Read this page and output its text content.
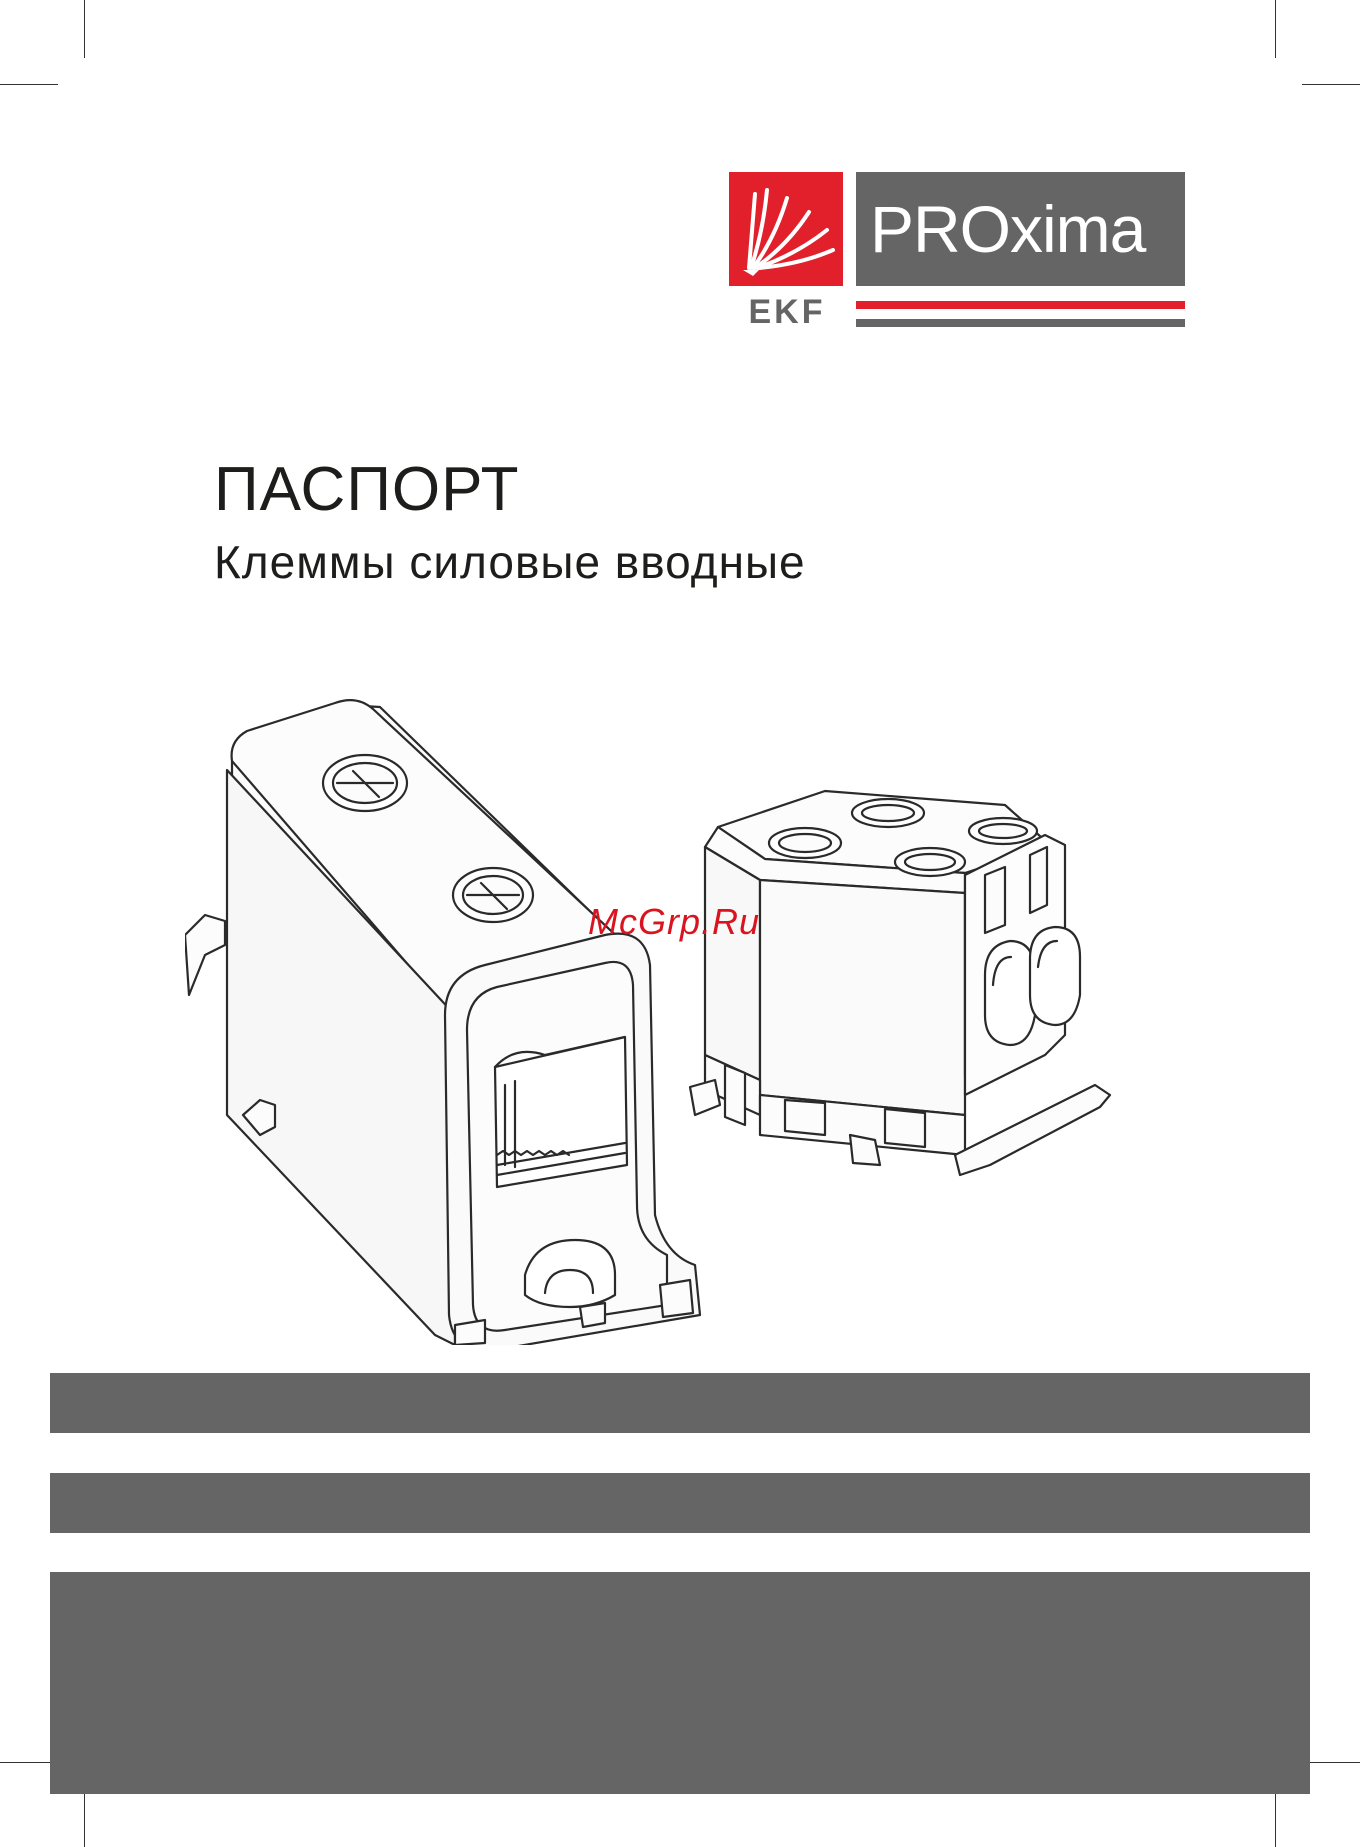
PROxima
EKF
ПАСПОРТ
Клеммы силовые вводные
McGrp.Ru
